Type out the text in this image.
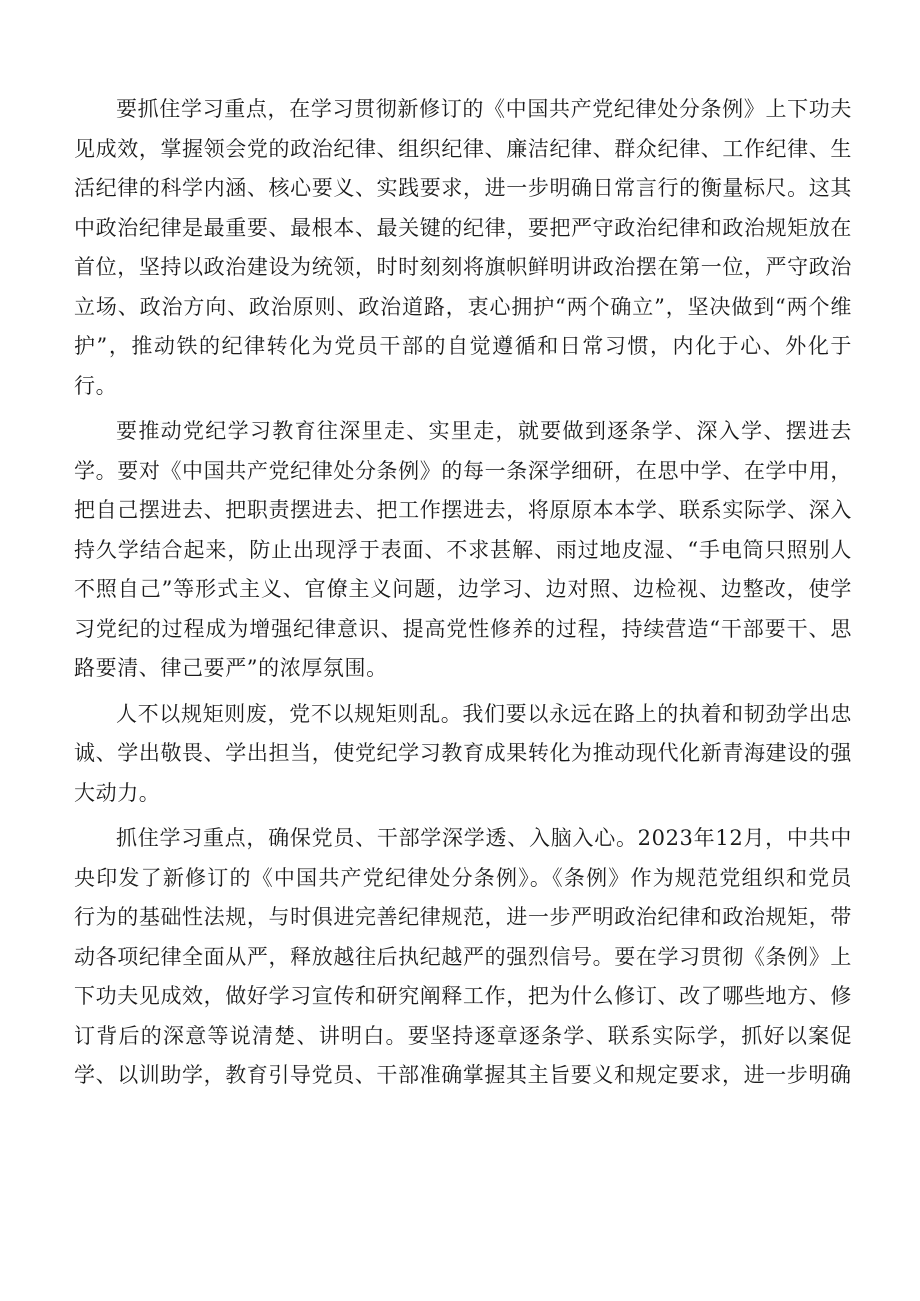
要抓住学习重点，在学习贯彻新修订的《中国共产党纪律处分条例》上下功夫见成效，掌握领会党的政治纪律、组织纪律、廉洁纪律、群众纪律、工作纪律、生活纪律的科学内涵、核心要义、实践要求，进一步明确日常言行的衡量标尺。这其中政治纪律是最重要、最根本、最关键的纪律，要把严守政治纪律和政治规矩放在首位，坚持以政治建设为统领，时时刻刻将旗帜鲜明讲政治摆在第一位，严守政治立场、政治方向、政治原则、政治道路，衷心拥护“两个确立”，坚决做到“两个维护”，推动铁的纪律转化为党员干部的自觉遵循和日常习惯，内化于心、外化于行。

要推动党纪学习教育往深里走、实里走，就要做到逐条学、深入学、摆进去学。要对《中国共产党纪律处分条例》的每一条深学细研，在思中学、在学中用，把自己摆进去、把职责摆进去、把工作摆进去，将原原本本学、联系实际学、深入持久学结合起来，防止出现浮于表面、不求甚解、雨过地皮湿、“手电筒只照别人不照自己”等形式主义、官僚主义问题，边学习、边对照、边检视、边整改，使学习党纪的过程成为增强纪律意识、提高党性修养的过程，持续营造“干部要干、思路要清、律己要严”的浓厚氛围。

人不以规矩则废，党不以规矩则乱。我们要以永远在路上的执着和韧劲学出忠诚、学出敬畏、学出担当，使党纪学习教育成果转化为推动现代化新青海建设的强大动力。

抓住学习重点，确保党员、干部学深学透、入脑入心。2023年12月，中共中央印发了新修订的《中国共产党纪律处分条例》。《条例》作为规范党组织和党员行为的基础性法规，与时俱进完善纪律规范，进一步严明政治纪律和政治规矩，带动各项纪律全面从严，释放越往后执纪越严的强烈信号。要在学习贯彻《条例》上下功夫见成效，做好学习宣传和研究阐释工作，把为什么修订、改了哪些地方、修订背后的深意等说清楚、讲明白。要坚持逐章逐条学、联系实际学，抓好以案促学、以训助学，教育引导党员、干部准确掌握其主旨要义和规定要求，进一步明确
